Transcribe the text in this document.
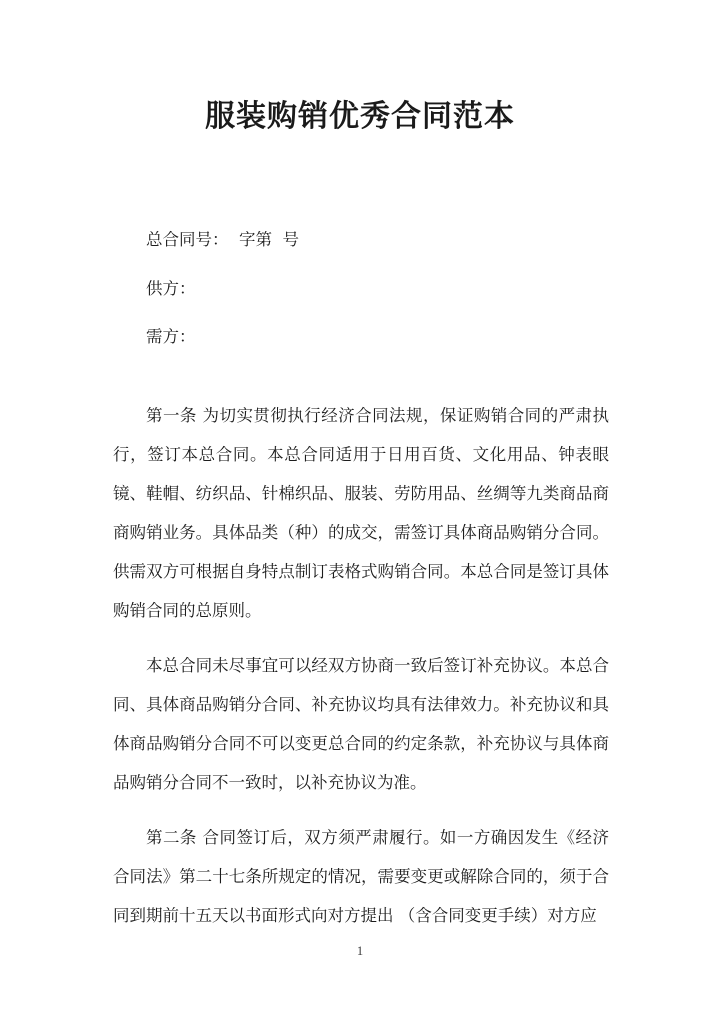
服装购销优秀合同范本
总合同号：  字第  号
供方：
需方：

第一条 为切实贯彻执行经济合同法规，保证购销合同的严肃执行，签订本总合同。本总合同适用于日用百货、文化用品、钟表眼镜、鞋帽、纺织品、针棉织品、服装、劳防用品、丝绸等九类商品商商购销业务。具体品类（种）的成交，需签订具体商品购销分合同。供需双方可根据自身特点制订表格式购销合同。本总合同是签订具体购销合同的总原则。

本总合同未尽事宜可以经双方协商一致后签订补充协议。本总合同、具体商品购销分合同、补充协议均具有法律效力。补充协议和具体商品购销分合同不可以变更总合同的约定条款，补充协议与具体商品购销分合同不一致时，以补充协议为准。

第二条 合同签订后，双方须严肃履行。如一方确因发生《经济合同法》第二十七条所规定的情况，需要变更或解除合同的，须于合同到期前十五天以书面形式向对方提出 （含合同变更手续）对方应

1
